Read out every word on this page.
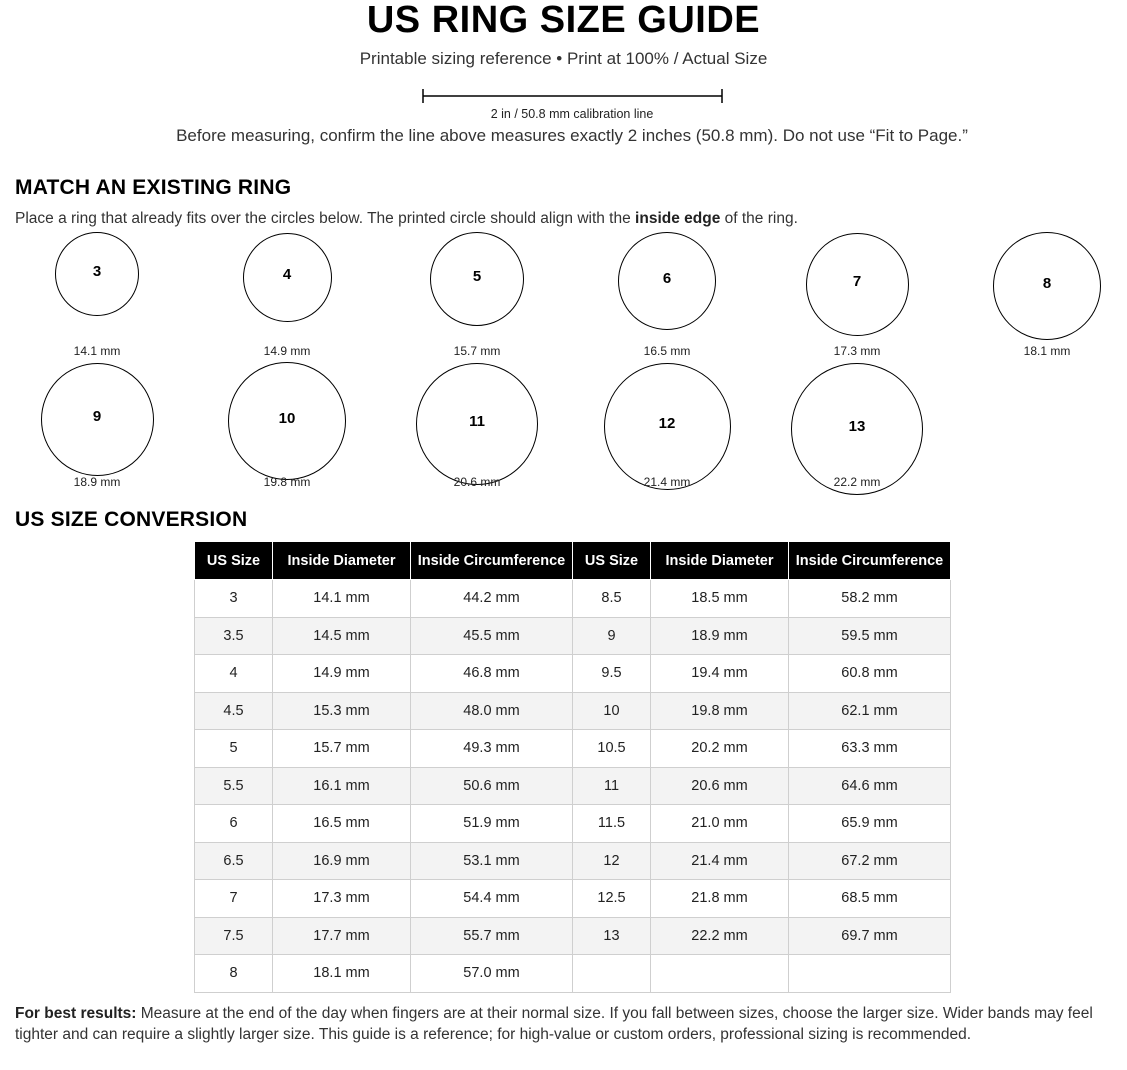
US RING SIZE GUIDE
Printable sizing reference • Print at 100% / Actual Size
2 in / 50.8 mm calibration line
Before measuring, confirm the line above measures exactly 2 inches (50.8 mm). Do not use “Fit to Page.”
MATCH AN EXISTING RING
Place a ring that already fits over the circles below. The printed circle should align with the inside edge of the ring.
3
14.1 mm
4
14.9 mm
5
15.7 mm
6
16.5 mm
7
17.3 mm
8
18.1 mm
9
18.9 mm
10
19.8 mm
11
20.6 mm
12
21.4 mm
13
22.2 mm
US SIZE CONVERSION
US Size	Inside Diameter	Inside Circumference	US Size	Inside Diameter	Inside Circumference
3	14.1 mm	44.2 mm	8.5	18.5 mm	58.2 mm
3.5	14.5 mm	45.5 mm	9	18.9 mm	59.5 mm
4	14.9 mm	46.8 mm	9.5	19.4 mm	60.8 mm
4.5	15.3 mm	48.0 mm	10	19.8 mm	62.1 mm
5	15.7 mm	49.3 mm	10.5	20.2 mm	63.3 mm
5.5	16.1 mm	50.6 mm	11	20.6 mm	64.6 mm
6	16.5 mm	51.9 mm	11.5	21.0 mm	65.9 mm
6.5	16.9 mm	53.1 mm	12	21.4 mm	67.2 mm
7	17.3 mm	54.4 mm	12.5	21.8 mm	68.5 mm
7.5	17.7 mm	55.7 mm	13	22.2 mm	69.7 mm
8	18.1 mm	57.0 mm			
For best results: Measure at the end of the day when fingers are at their normal size. If you fall between sizes, choose the larger size. Wider bands may feel tighter and can require a slightly larger size. This guide is a reference; for high-value or custom orders, professional sizing is recommended.
